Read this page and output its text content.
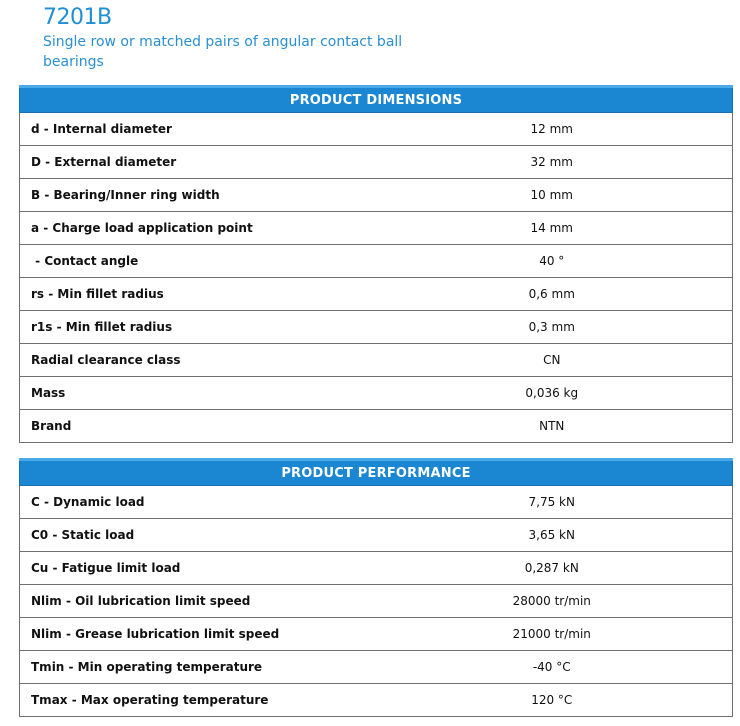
7201B
Single row or matched pairs of angular contact ball bearings
PRODUCT DIMENSIONS	
d - Internal diameter	12 mm
D - External diameter	32 mm
B - Bearing/Inner ring width	10 mm
a - Charge load application point	14 mm
- Contact angle	40 °
rs - Min fillet radius	0,6 mm
r1s - Min fillet radius	0,3 mm
Radial clearance class	CN
Mass	0,036 kg
Brand	NTN
PRODUCT PERFORMANCE	
C - Dynamic load	7,75 kN
C0 - Static load	3,65 kN
Cu - Fatigue limit load	0,287 kN
Nlim - Oil lubrication limit speed	28000 tr/min
Nlim - Grease lubrication limit speed	21000 tr/min
Tmin - Min operating temperature	-40 °C
Tmax - Max operating temperature	120 °C
